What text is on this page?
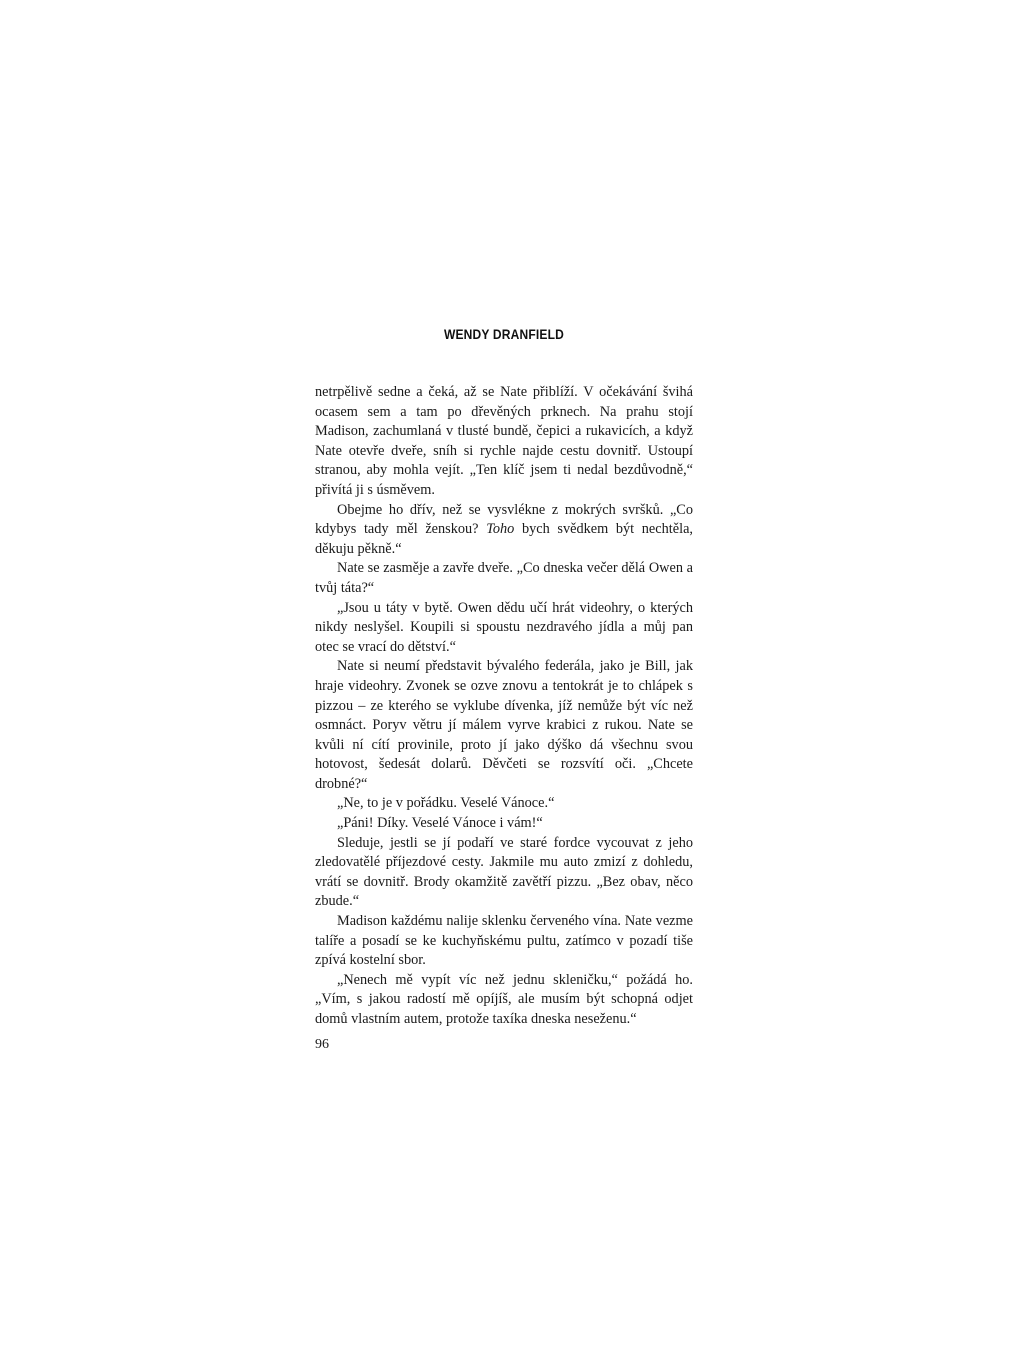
WENDY DRANFIELD

netrpělivě sedne a čeká, až se Nate přiblíží. V očekávání švihá ocasem sem a tam po dřevěných prknech. Na prahu stojí Madison, zachumlaná v tlusté bundě, čepici a rukavicích, a když Nate otevře dveře, sníh si rychle najde cestu dovnitř. Ustoupí stranou, aby mohla vejít. „Ten klíč jsem ti nedal bezdůvodně,“ přivítá ji s úsměvem.

Obejme ho dřív, než se vysvlékne z mokrých svršků. „Co kdybys tady měl ženskou? Toho bych svědkem být nechtěla, děkuju pěkně.“

Nate se zasměje a zavře dveře. „Co dneska večer dělá Owen a tvůj táta?“

„Jsou u táty v bytě. Owen dědu učí hrát videohry, o kterých nikdy neslyšel. Koupili si spoustu nezdravého jídla a můj pan otec se vrací do dětství.“

Nate si neumí představit bývalého federála, jako je Bill, jak hraje videohry. Zvonek se ozve znovu a tentokrát je to chlápek s pizzou – ze kterého se vyklube dívenka, jíž nemůže být víc než osmnáct. Poryv větru jí málem vyrve krabici z rukou. Nate se kvůli ní cítí provinile, proto jí jako dýško dá všechnu svou hotovost, šedesát dolarů. Děvčeti se rozsvítí oči. „Chcete drobné?“

„Ne, to je v pořádku. Veselé Vánoce.“

„Páni! Díky. Veselé Vánoce i vám!“

Sleduje, jestli se jí podaří ve staré fordce vycouvat z jeho zledovatělé příjezdové cesty. Jakmile mu auto zmizí z dohledu, vrátí se dovnitř. Brody okamžitě zavětří pizzu. „Bez obav, něco zbude.“

Madison každému nalije sklenku červeného vína. Nate vezme talíře a posadí se ke kuchyňskému pultu, zatímco v pozadí tiše zpívá kostelní sbor.

„Nenech mě vypít víc než jednu skleničku,“ požádá ho. „Vím, s jakou radostí mě opíjíš, ale musím být schopná odjet domů vlastním autem, protože taxíka dneska neseženu.“

96
